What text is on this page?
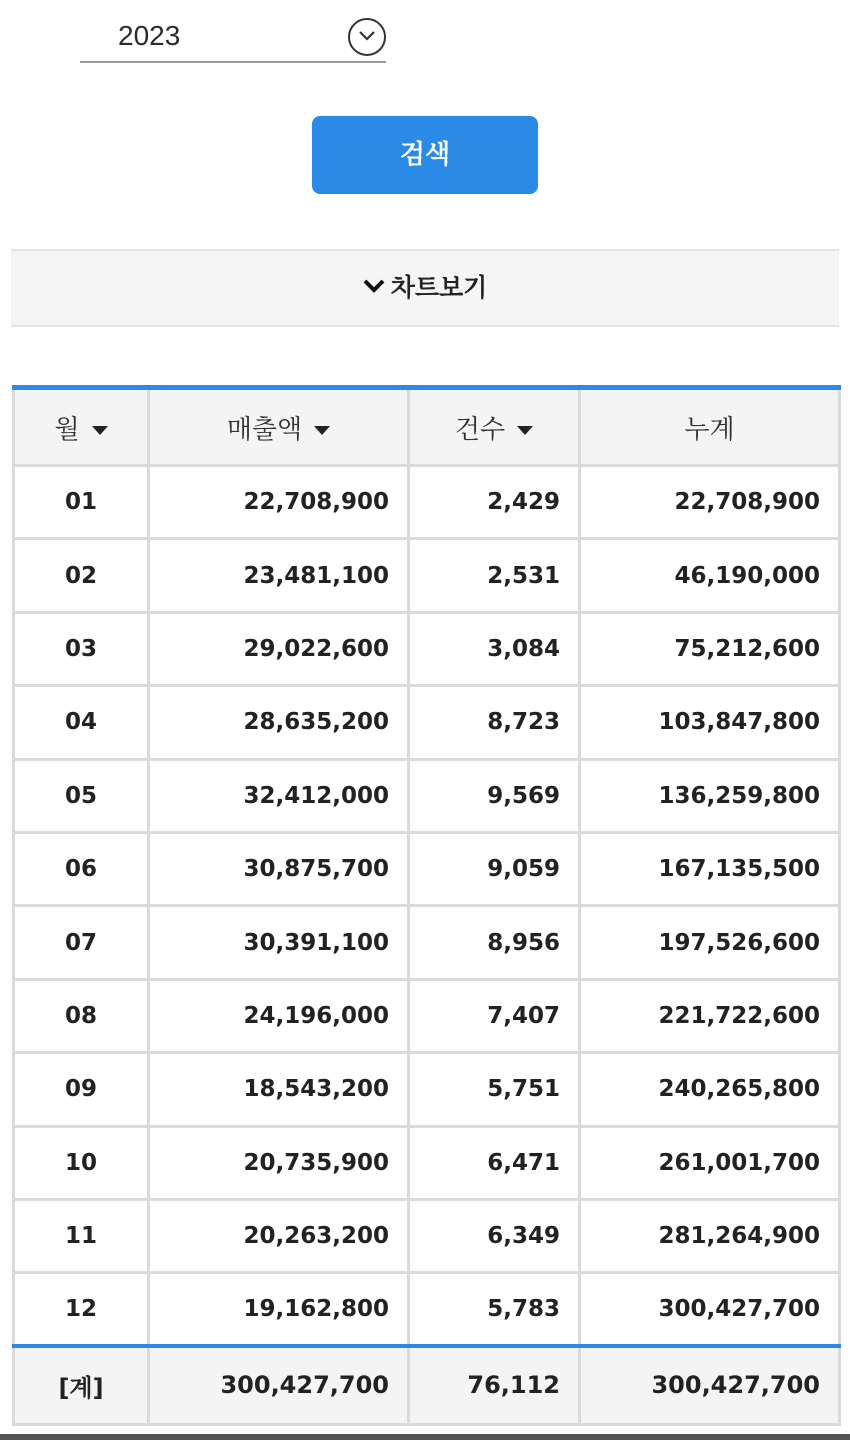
2023
검색
차트보기
월	매출액	건수	누계
01	22,708,900	2,429	22,708,900
02	23,481,100	2,531	46,190,000
03	29,022,600	3,084	75,212,600
04	28,635,200	8,723	103,847,800
05	32,412,000	9,569	136,259,800
06	30,875,700	9,059	167,135,500
07	30,391,100	8,956	197,526,600
08	24,196,000	7,407	221,722,600
09	18,543,200	5,751	240,265,800
10	20,735,900	6,471	261,001,700
11	20,263,200	6,349	281,264,900
12	19,162,800	5,783	300,427,700
[계]	300,427,700	76,112	300,427,700
